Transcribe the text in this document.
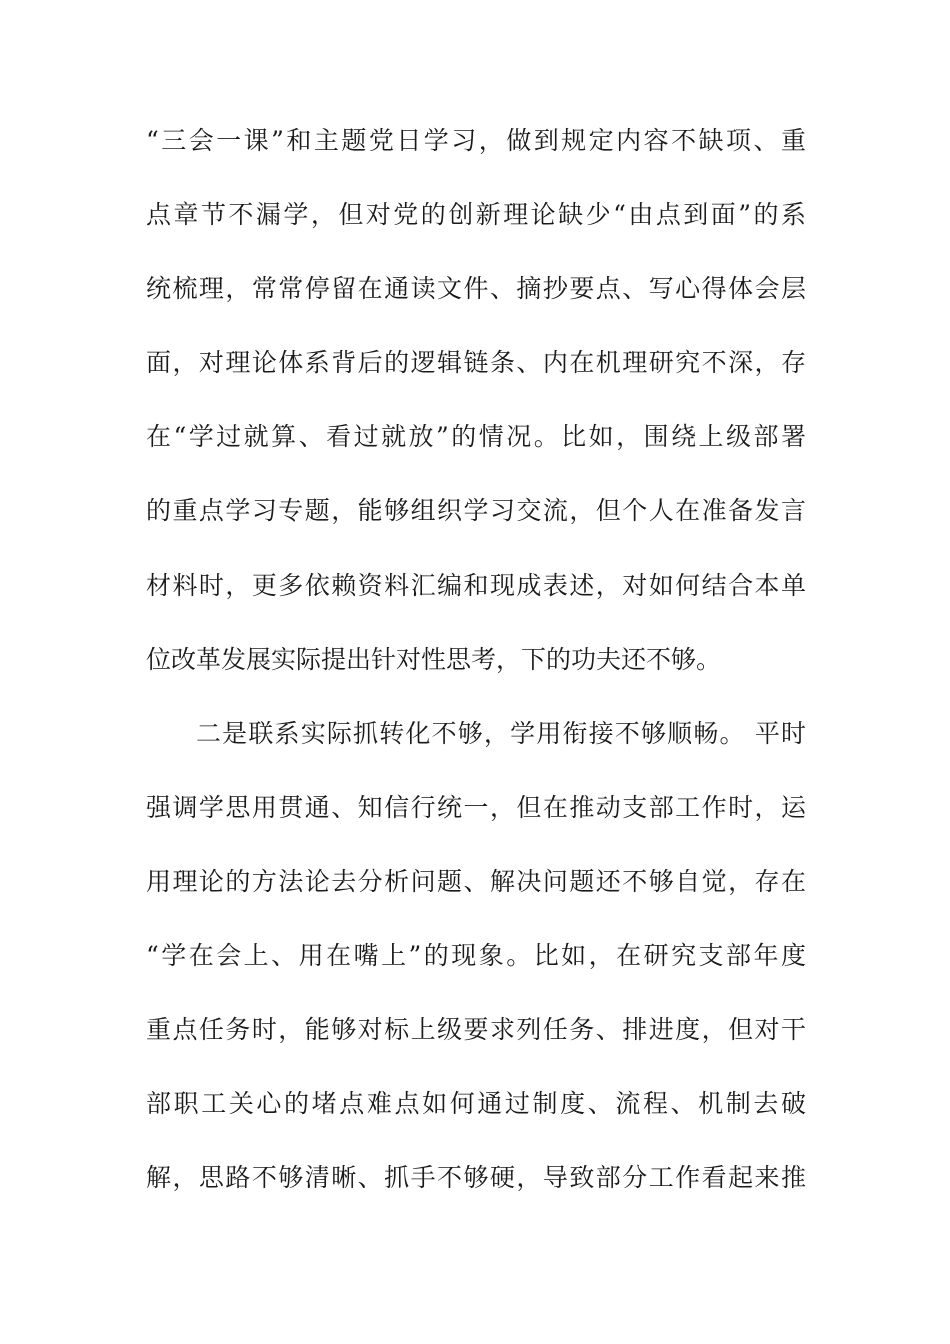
“三会一课”和主题党日学习，做到规定内容不缺项、重
点章节不漏学，但对党的创新理论缺少“由点到面”的系
统梳理，常常停留在通读文件、摘抄要点、写心得体会层
面，对理论体系背后的逻辑链条、内在机理研究不深，存
在“学过就算、看过就放”的情况。比如，围绕上级部署
的重点学习专题，能够组织学习交流，但个人在准备发言
材料时，更多依赖资料汇编和现成表述，对如何结合本单
位改革发展实际提出针对性思考，下的功夫还不够。
二是联系实际抓转化不够，学用衔接不够顺畅。 平时
强调学思用贯通、知信行统一，但在推动支部工作时，运
用理论的方法论去分析问题、解决问题还不够自觉，存在
“学在会上、用在嘴上”的现象。比如，在研究支部年度
重点任务时，能够对标上级要求列任务、排进度，但对干
部职工关心的堵点难点如何通过制度、流程、机制去破
解，思路不够清晰、抓手不够硬，导致部分工作看起来推
